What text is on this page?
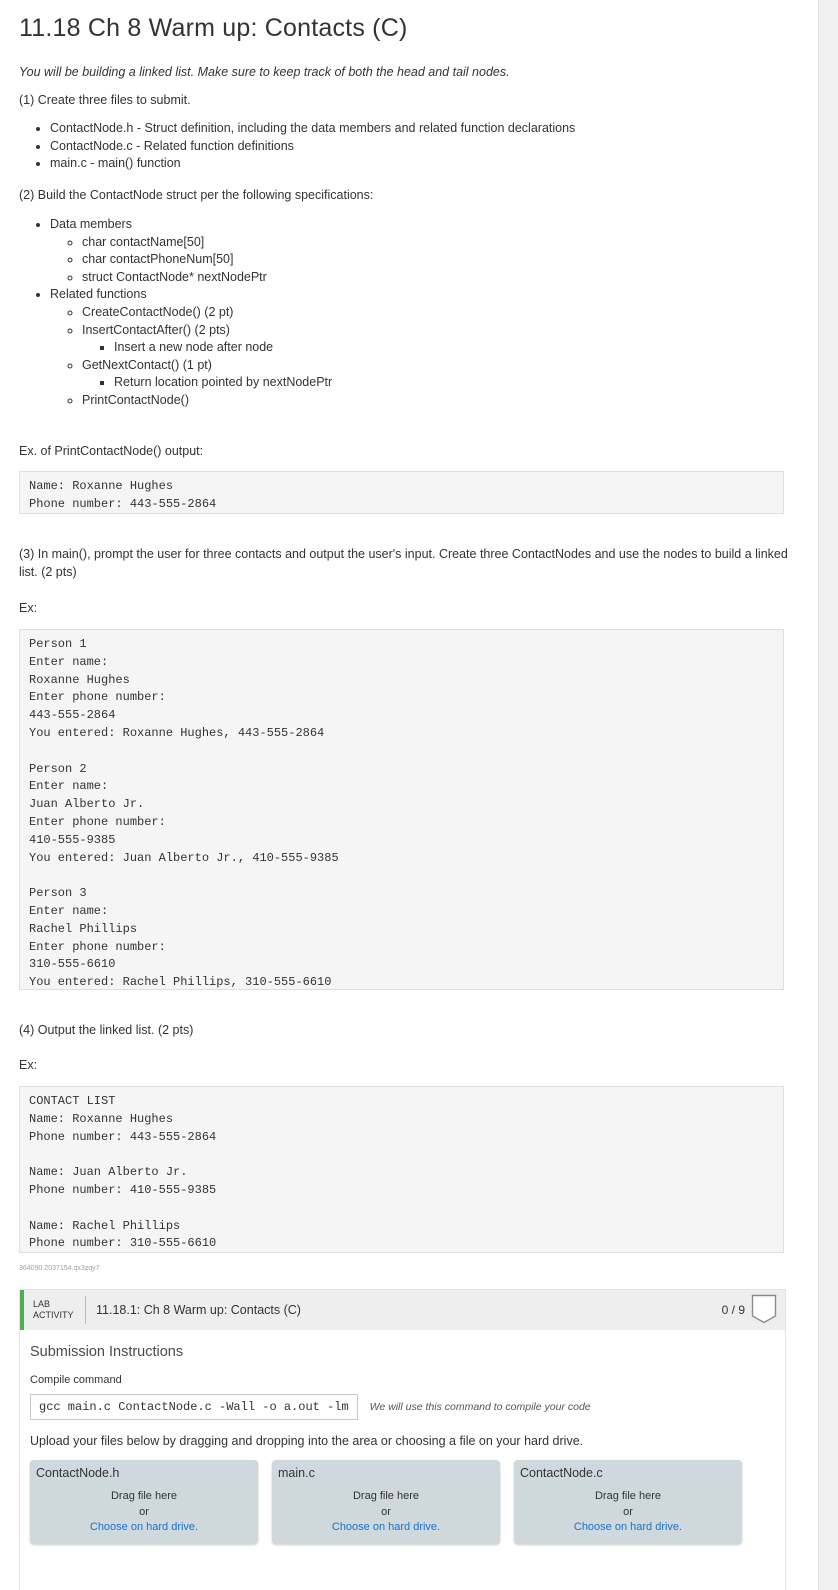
11.18 Ch 8 Warm up: Contacts (C)
You will be building a linked list. Make sure to keep track of both the head and tail nodes.
(1) Create three files to submit.
• ContactNode.h - Struct definition, including the data members and related function declarations
• ContactNode.c - Related function definitions
• main.c - main() function
(2) Build the ContactNode struct per the following specifications:
• Data members
◦ char contactName[50]
◦ char contactPhoneNum[50]
◦ struct ContactNode* nextNodePtr
• Related functions
◦ CreateContactNode() (2 pt)
◦ InsertContactAfter() (2 pts)
▪ Insert a new node after node
◦ GetNextContact() (1 pt)
▪ Return location pointed by nextNodePtr
◦ PrintContactNode()
Ex. of PrintContactNode() output:
Name: Roxanne Hughes
Phone number: 443-555-2864
(3) In main(), prompt the user for three contacts and output the user's input. Create three ContactNodes and use the nodes to build a linked list. (2 pts)
Ex:
Person 1
Enter name:
Roxanne Hughes
Enter phone number:
443-555-2864
You entered: Roxanne Hughes, 443-555-2864

Person 2
Enter name:
Juan Alberto Jr.
Enter phone number:
410-555-9385
You entered: Juan Alberto Jr., 410-555-9385

Person 3
Enter name:
Rachel Phillips
Enter phone number:
310-555-6610
You entered: Rachel Phillips, 310-555-6610
(4) Output the linked list. (2 pts)
Ex:
CONTACT LIST
Name: Roxanne Hughes
Phone number: 443-555-2864

Name: Juan Alberto Jr.
Phone number: 410-555-9385

Name: Rachel Phillips
Phone number: 310-555-6610
364090.2037154.qx3zqy7
LAB
ACTIVITY	11.18.1: Ch 8 Warm up: Contacts (C)	0 / 9
Submission Instructions
Compile command
gcc main.c ContactNode.c -Wall -o a.out -lm	We will use this command to compile your code
Upload your files below by dragging and dropping into the area or choosing a file on your hard drive.
ContactNode.h
Drag file here
or
Choose on hard drive.
main.c
Drag file here
or
Choose on hard drive.
ContactNode.c
Drag file here
or
Choose on hard drive.
